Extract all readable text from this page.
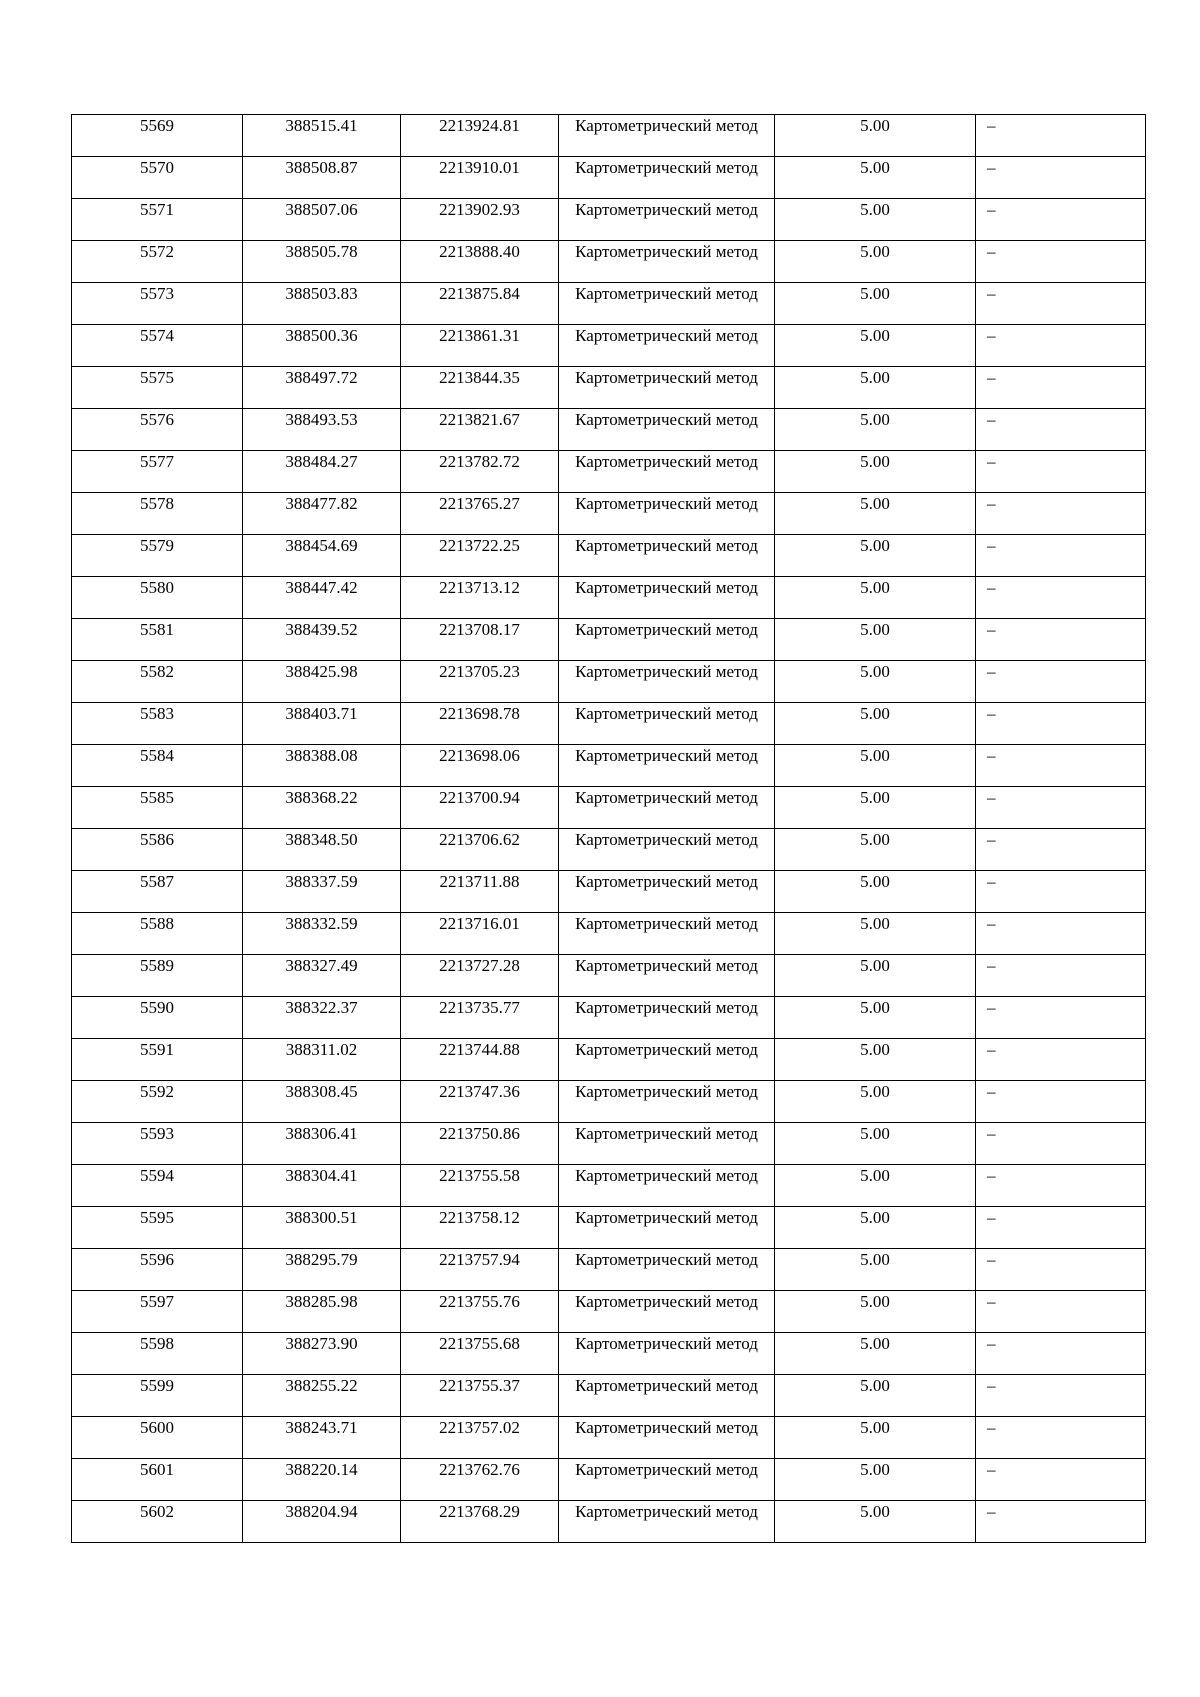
5569	388515.41	2213924.81	Картометрический метод	5.00	–
5570	388508.87	2213910.01	Картометрический метод	5.00	–
5571	388507.06	2213902.93	Картометрический метод	5.00	–
5572	388505.78	2213888.40	Картометрический метод	5.00	–
5573	388503.83	2213875.84	Картометрический метод	5.00	–
5574	388500.36	2213861.31	Картометрический метод	5.00	–
5575	388497.72	2213844.35	Картометрический метод	5.00	–
5576	388493.53	2213821.67	Картометрический метод	5.00	–
5577	388484.27	2213782.72	Картометрический метод	5.00	–
5578	388477.82	2213765.27	Картометрический метод	5.00	–
5579	388454.69	2213722.25	Картометрический метод	5.00	–
5580	388447.42	2213713.12	Картометрический метод	5.00	–
5581	388439.52	2213708.17	Картометрический метод	5.00	–
5582	388425.98	2213705.23	Картометрический метод	5.00	–
5583	388403.71	2213698.78	Картометрический метод	5.00	–
5584	388388.08	2213698.06	Картометрический метод	5.00	–
5585	388368.22	2213700.94	Картометрический метод	5.00	–
5586	388348.50	2213706.62	Картометрический метод	5.00	–
5587	388337.59	2213711.88	Картометрический метод	5.00	–
5588	388332.59	2213716.01	Картометрический метод	5.00	–
5589	388327.49	2213727.28	Картометрический метод	5.00	–
5590	388322.37	2213735.77	Картометрический метод	5.00	–
5591	388311.02	2213744.88	Картометрический метод	5.00	–
5592	388308.45	2213747.36	Картометрический метод	5.00	–
5593	388306.41	2213750.86	Картометрический метод	5.00	–
5594	388304.41	2213755.58	Картометрический метод	5.00	–
5595	388300.51	2213758.12	Картометрический метод	5.00	–
5596	388295.79	2213757.94	Картометрический метод	5.00	–
5597	388285.98	2213755.76	Картометрический метод	5.00	–
5598	388273.90	2213755.68	Картометрический метод	5.00	–
5599	388255.22	2213755.37	Картометрический метод	5.00	–
5600	388243.71	2213757.02	Картометрический метод	5.00	–
5601	388220.14	2213762.76	Картометрический метод	5.00	–
5602	388204.94	2213768.29	Картометрический метод	5.00	–
